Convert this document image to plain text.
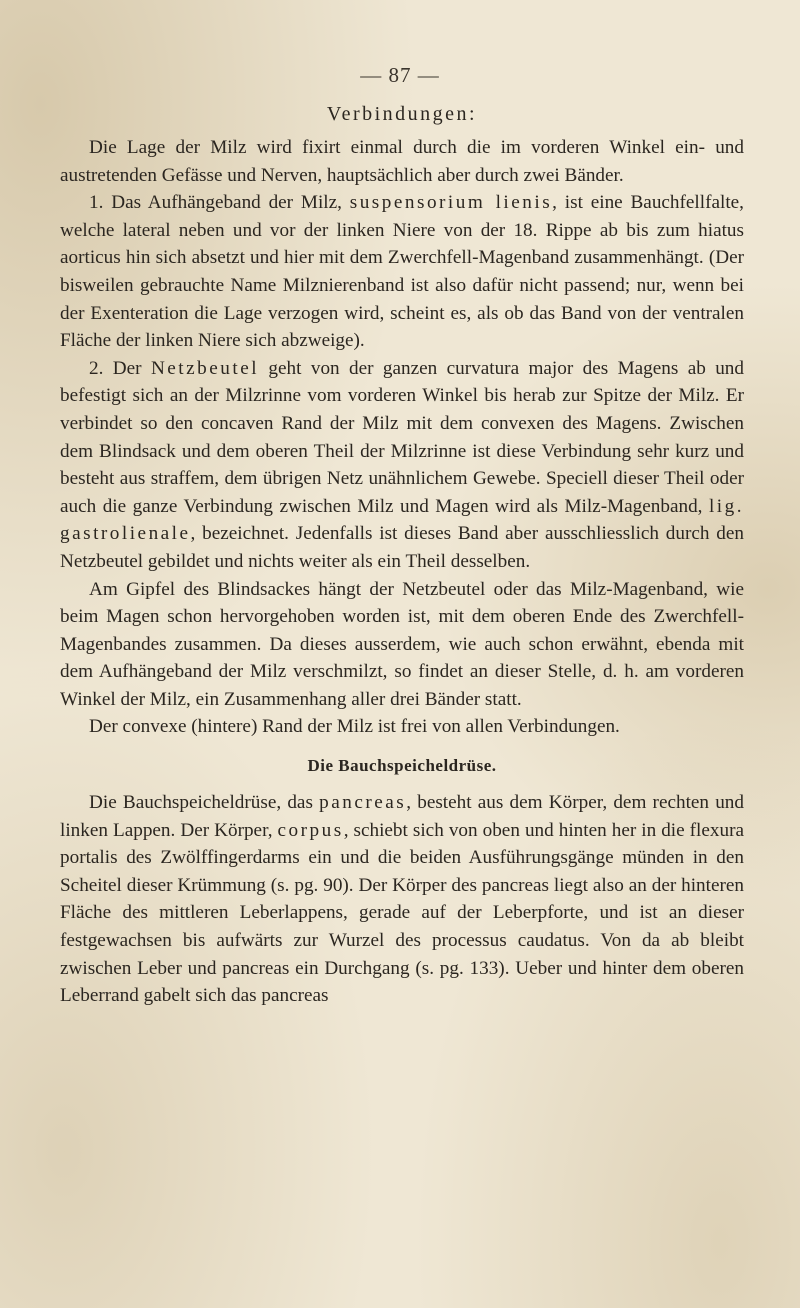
— 87 —
Verbindungen:

Die Lage der Milz wird fixirt einmal durch die im vorderen Winkel ein- und austretenden Gefässe und Nerven, hauptsächlich aber durch zwei Bänder.

1. Das Aufhängeband der Milz, suspensorium lienis, ist eine Bauchfellfalte, welche lateral neben und vor der linken Niere von der 18. Rippe ab bis zum hiatus aorticus hin sich absetzt und hier mit dem Zwerchfell-Magenband zusammenhängt. (Der bisweilen gebrauchte Name Milznierenband ist also dafür nicht passend; nur, wenn bei der Exenteration die Lage verzogen wird, scheint es, als ob das Band von der ventralen Fläche der linken Niere sich abzweige).

2. Der Netzbeutel geht von der ganzen curvatura major des Magens ab und befestigt sich an der Milzrinne vom vorderen Winkel bis herab zur Spitze der Milz. Er verbindet so den concaven Rand der Milz mit dem convexen des Magens. Zwischen dem Blindsack und dem oberen Theil der Milzrinne ist diese Verbindung sehr kurz und besteht aus straffem, dem übrigen Netz unähnlichem Gewebe. Speciell dieser Theil oder auch die ganze Verbindung zwischen Milz und Magen wird als Milz-Magenband, lig. gastrolienale, bezeichnet. Jedenfalls ist dieses Band aber ausschliesslich durch den Netzbeutel gebildet und nichts weiter als ein Theil desselben.

Am Gipfel des Blindsackes hängt der Netzbeutel oder das Milz-Magenband, wie beim Magen schon hervorgehoben worden ist, mit dem oberen Ende des Zwerchfell-Magenbandes zusammen. Da dieses ausserdem, wie auch schon erwähnt, ebenda mit dem Aufhängeband der Milz verschmilzt, so findet an dieser Stelle, d. h. am vorderen Winkel der Milz, ein Zusammenhang aller drei Bänder statt.

Der convexe (hintere) Rand der Milz ist frei von allen Verbindungen.

Die Bauchspeicheldrüse.

Die Bauchspeicheldrüse, das pancreas, besteht aus dem Körper, dem rechten und linken Lappen. Der Körper, corpus, schiebt sich von oben und hinten her in die flexura portalis des Zwölffingerdarms ein und die beiden Ausführungsgänge münden in den Scheitel dieser Krümmung (s. pg. 90). Der Körper des pancreas liegt also an der hinteren Fläche des mittleren Leberlappens, gerade auf der Leberpforte, und ist an dieser festgewachsen bis aufwärts zur Wurzel des processus caudatus. Von da ab bleibt zwischen Leber und pancreas ein Durchgang (s. pg. 133). Ueber und hinter dem oberen Leberrand gabelt sich das pancreas
